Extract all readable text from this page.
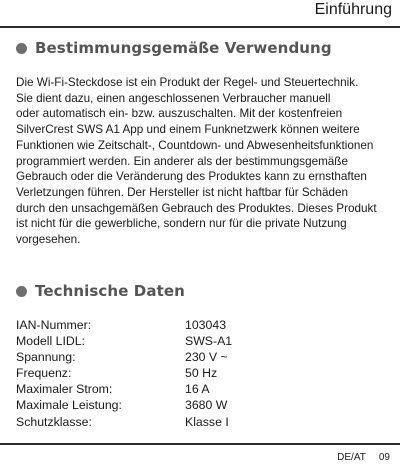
Einführung
Bestimmungsgemäße Verwendung

Die Wi-Fi-Steckdose ist ein Produkt der Regel- und Steuertechnik.
Sie dient dazu, einen angeschlossenen Verbraucher manuell
oder automatisch ein- bzw. auszuschalten. Mit der kostenfreien
SilverCrest SWS A1 App und einem Funknetzwerk können weitere
Funktionen wie Zeitschalt-, Countdown- und Abwesenheitsfunktionen
programmiert werden. Ein anderer als der bestimmungsgemäße
Gebrauch oder die Veränderung des Produktes kann zu ernsthaften
Verletzungen führen. Der Hersteller ist nicht haftbar für Schäden
durch den unsachgemäßen Gebrauch des Produktes. Dieses Produkt
ist nicht für die gewerbliche, sondern nur für die private Nutzung
vorgesehen.

Technische Daten
IAN-Nummer:	103043
Modell LIDL:	SWS-A1
Spannung:	230 V ~
Frequenz:	50 Hz
Maximaler Strom:	16 A
Maximale Leistung:	3680 W
Schutzklasse:	Klasse I
DE/AT 09
